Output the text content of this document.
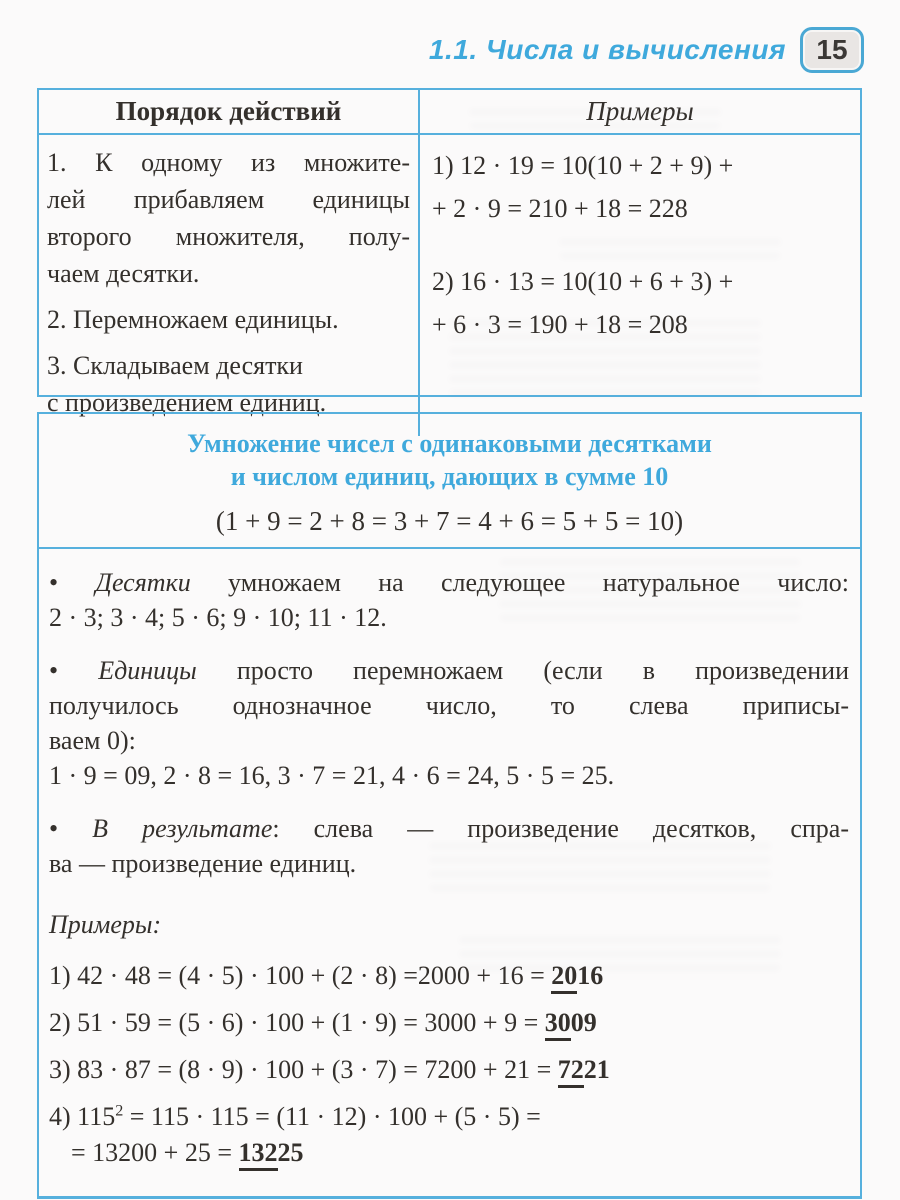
1.1. Числа и вычисления	15
Порядок действий	Примеры
1. К одному из множите-
лей прибавляем единицы
второго множителя, полу-
чаем десятки.
2. Перемножаем единицы.
3. Складываем десятки
с произведением единиц.
1) 12 · 19 = 10(10 + 2 + 9) +
+ 2 · 9 = 210 + 18 = 228
2) 16 · 13 = 10(10 + 6 + 3) +
+ 6 · 3 = 190 + 18 = 208
Умножение чисел с одинаковыми десятками
и числом единиц, дающих в сумме 10
(1 + 9 = 2 + 8 = 3 + 7 = 4 + 6 = 5 + 5 = 10)
• Десятки умножаем на следующее натуральное число:
2 · 3; 3 · 4; 5 · 6; 9 · 10; 11 · 12.
• Единицы просто перемножаем (если в произведении
получилось однозначное число, то слева приписы-
ваем 0):
1 · 9 = 09, 2 · 8 = 16, 3 · 7 = 21, 4 · 6 = 24, 5 · 5 = 25.
• В результате: слева — произведение десятков, спра-
ва — произведение единиц.
Примеры:
1) 42 · 48 = (4 · 5) · 100 + (2 · 8) =2000 + 16 = 2016
2) 51 · 59 = (5 · 6) · 100 + (1 · 9) = 3000 + 9 = 3009
3) 83 · 87 = (8 · 9) · 100 + (3 · 7) = 7200 + 21 = 7221
4) $115^2 = 115 \cdot 115 = (11 \cdot 12) \cdot 100 + (5 \cdot 5)$ =
= 13200 + 25 = 13225
